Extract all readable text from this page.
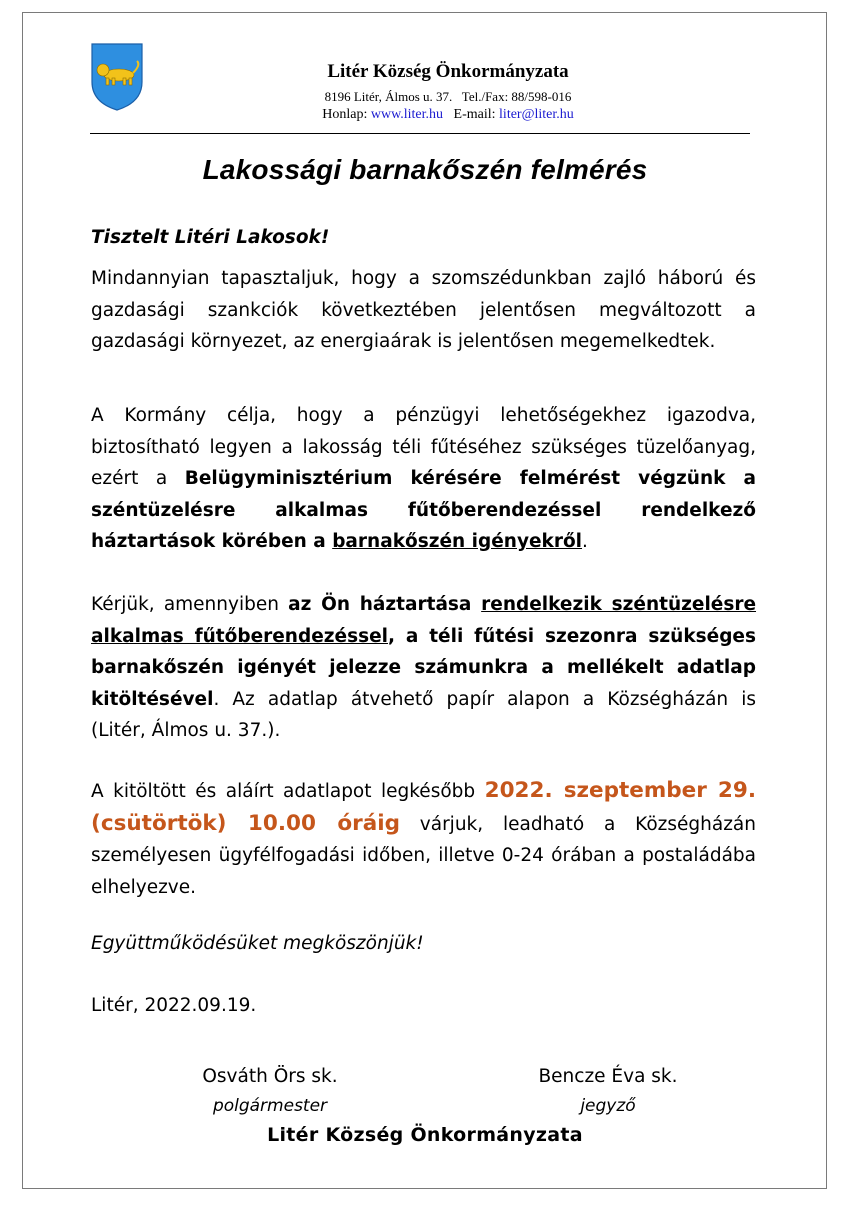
Litér Község Önkormányzata
8196 Litér, Álmos u. 37.   Tel./Fax: 88/598-016
Honlap: www.liter.hu E-mail: liter@liter.hu
Lakossági barnakőszén felmérés
Tisztelt Litéri Lakosok!
Mindannyian tapasztaljuk, hogy a szomszédunkban zajló háború és gazdasági szankciók következtében jelentősen megváltozott a gazdasági környezet, az energiaárak is jelentősen megemelkedtek.
A Kormány célja, hogy a pénzügyi lehetőségekhez igazodva, biztosítható legyen a lakosság téli fűtéséhez szükséges tüzelőanyag, ezért a Belügyminisztérium kérésére felmérést végzünk a széntüzelésre alkalmas fűtőberendezéssel rendelkező háztartások körében a barnakőszén igényekről.
Kérjük, amennyiben az Ön háztartása rendelkezik széntüzelésre alkalmas fűtőberendezéssel, a téli fűtési szezonra szükséges barnakőszén igényét jelezze számunkra a mellékelt adatlap kitöltésével. Az adatlap átvehető papír alapon a Községházán is (Litér, Álmos u. 37.).
A kitöltött és aláírt adatlapot legkésőbb 2022. szeptember 29. (csütörtök) 10.00 óráig várjuk, leadható a Községházán személyesen ügyfélfogadási időben, illetve 0-24 órában a postaládába elhelyezve.
Együttműködésüket megköszönjük!
Litér, 2022.09.19.
Osváth Örs sk.	Bencze Éva sk.
polgármester	jegyző
Litér Község Önkormányzata
